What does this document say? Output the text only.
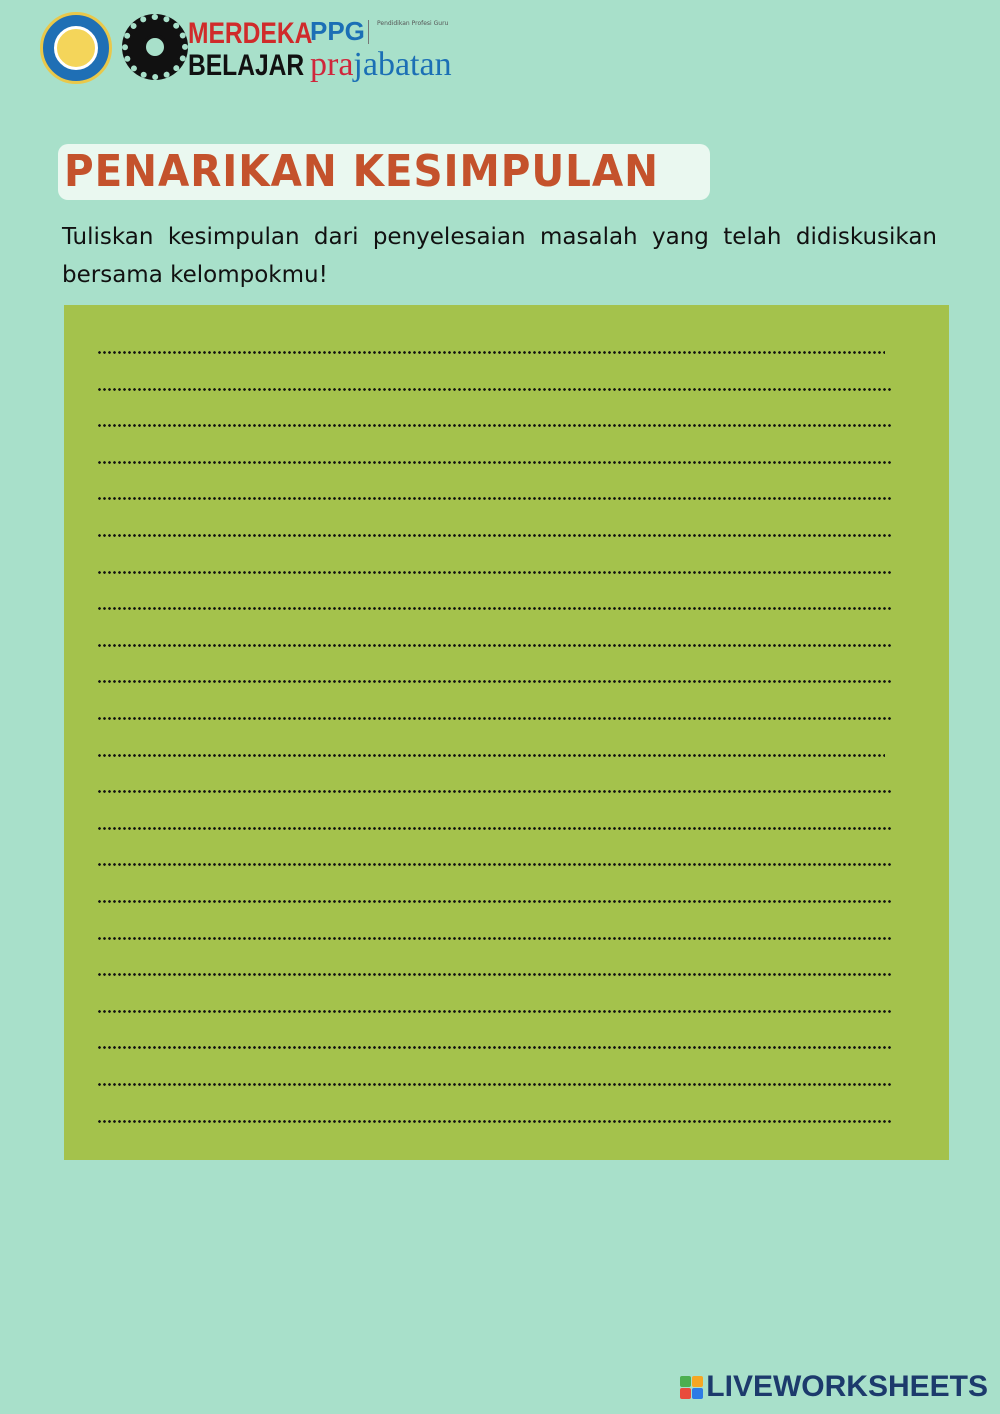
MERDEKA
BELAJAR
PPG	Pendidikan Profesi Guru
prajabatan
PENARIKAN KESIMPULAN

Tuliskan kesimpulan dari penyelesaian masalah yang telah didiskusikan bersama kelompokmu!

LIVEWORKSHEETS
